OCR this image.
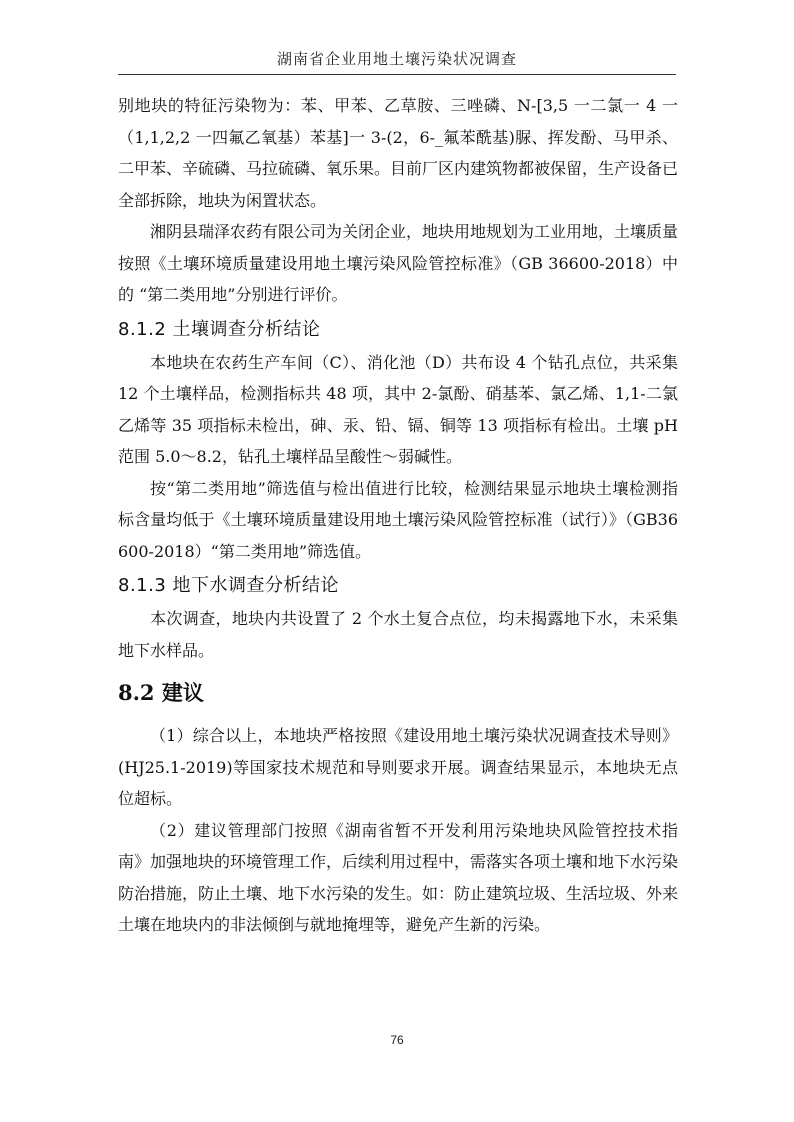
湖南省企业用地土壤污染状况调查

别地块的特征污染物为：苯、甲苯、乙草胺、三唑磷、N-[3,5 一二氯一 4 一（1,1,2,2 一四氟乙氧基）苯基]一 3-(2，6-_氟苯酰基)脲、挥发酚、马甲杀、二甲苯、辛硫磷、马拉硫磷、氧乐果。目前厂区内建筑物都被保留，生产设备已全部拆除，地块为闲置状态。

湘阴县瑞泽农药有限公司为关闭企业，地块用地规划为工业用地，土壤质量按照《土壤环境质量建设用地土壤污染风险管控标准》（GB 36600-2018）中的 “第二类用地”分别进行评价。

8.1.2 土壤调查分析结论

本地块在农药生产车间（C）、消化池（D）共布设 4 个钻孔点位，共采集 12 个土壤样品，检测指标共 48 项，其中 2-氯酚、硝基苯、氯乙烯、1,1-二氯乙烯等 35 项指标未检出，砷、汞、铅、镉、铜等 13 项指标有检出。土壤 pH 范围 5.0～8.2，钻孔土壤样品呈酸性～弱碱性。

按“第二类用地”筛选值与检出值进行比较，检测结果显示地块土壤检测指标含量均低于《土壤环境质量建设用地土壤污染风险管控标准（试行）》（GB36600-2018）“第二类用地”筛选值。

8.1.3 地下水调查分析结论

本次调查，地块内共设置了 2 个水土复合点位，均未揭露地下水，未采集地下水样品。

8.2 建议

（1）综合以上，本地块严格按照《建设用地土壤污染状况调查技术导则》(HJ25.1-2019)等国家技术规范和导则要求开展。调查结果显示，本地块无点位超标。

（2）建议管理部门按照《湖南省暂不开发利用污染地块风险管控技术指南》加强地块的环境管理工作，后续利用过程中，需落实各项土壤和地下水污染防治措施，防止土壤、地下水污染的发生。如：防止建筑垃圾、生活垃圾、外来土壤在地块内的非法倾倒与就地掩埋等，避免产生新的污染。

76
